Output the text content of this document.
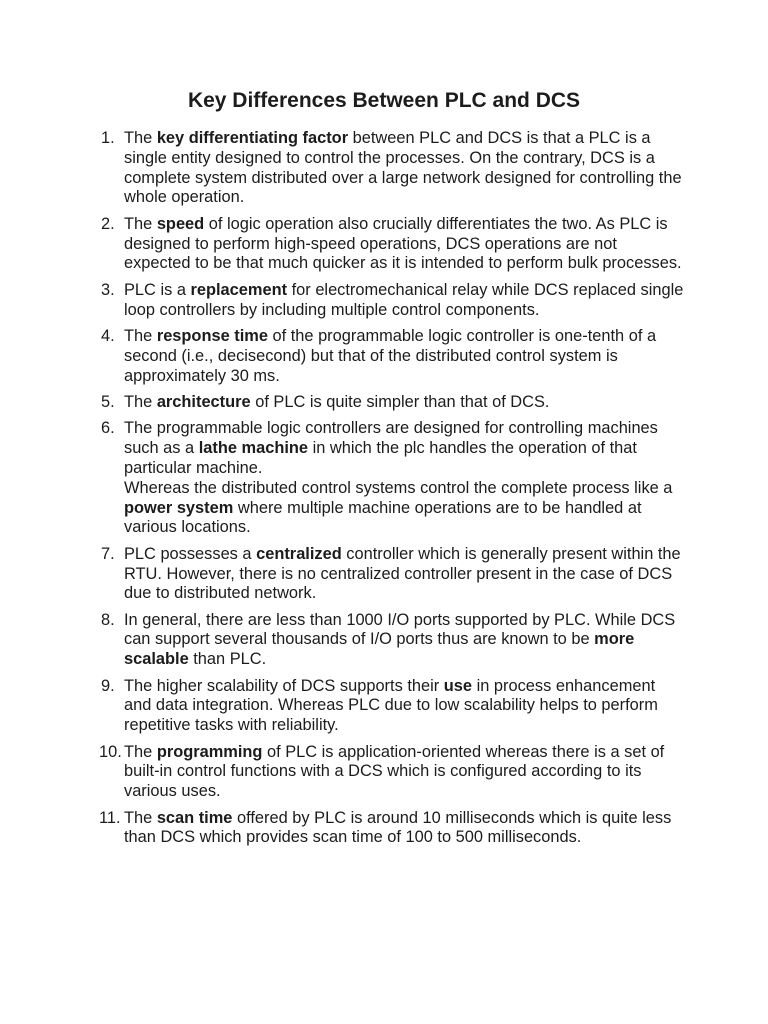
Key Differences Between PLC and DCS
1. The key differentiating factor between PLC and DCS is that a PLC is a single entity designed to control the processes. On the contrary, DCS is a complete system distributed over a large network designed for controlling the whole operation.
2. The speed of logic operation also crucially differentiates the two. As PLC is designed to perform high-speed operations, DCS operations are not expected to be that much quicker as it is intended to perform bulk processes.
3. PLC is a replacement for electromechanical relay while DCS replaced single loop controllers by including multiple control components.
4. The response time of the programmable logic controller is one-tenth of a second (i.e., decisecond) but that of the distributed control system is approximately 30 ms.
5. The architecture of PLC is quite simpler than that of DCS.
6. The programmable logic controllers are designed for controlling machines such as a lathe machine in which the plc handles the operation of that particular machine.
Whereas the distributed control systems control the complete process like a power system where multiple machine operations are to be handled at various locations.
7. PLC possesses a centralized controller which is generally present within the RTU. However, there is no centralized controller present in the case of DCS due to distributed network.
8. In general, there are less than 1000 I/O ports supported by PLC. While DCS can support several thousands of I/O ports thus are known to be more scalable than PLC.
9. The higher scalability of DCS supports their use in process enhancement and data integration. Whereas PLC due to low scalability helps to perform repetitive tasks with reliability.
10. The programming of PLC is application-oriented whereas there is a set of built-in control functions with a DCS which is configured according to its various uses.
11. The scan time offered by PLC is around 10 milliseconds which is quite less than DCS which provides scan time of 100 to 500 milliseconds.
